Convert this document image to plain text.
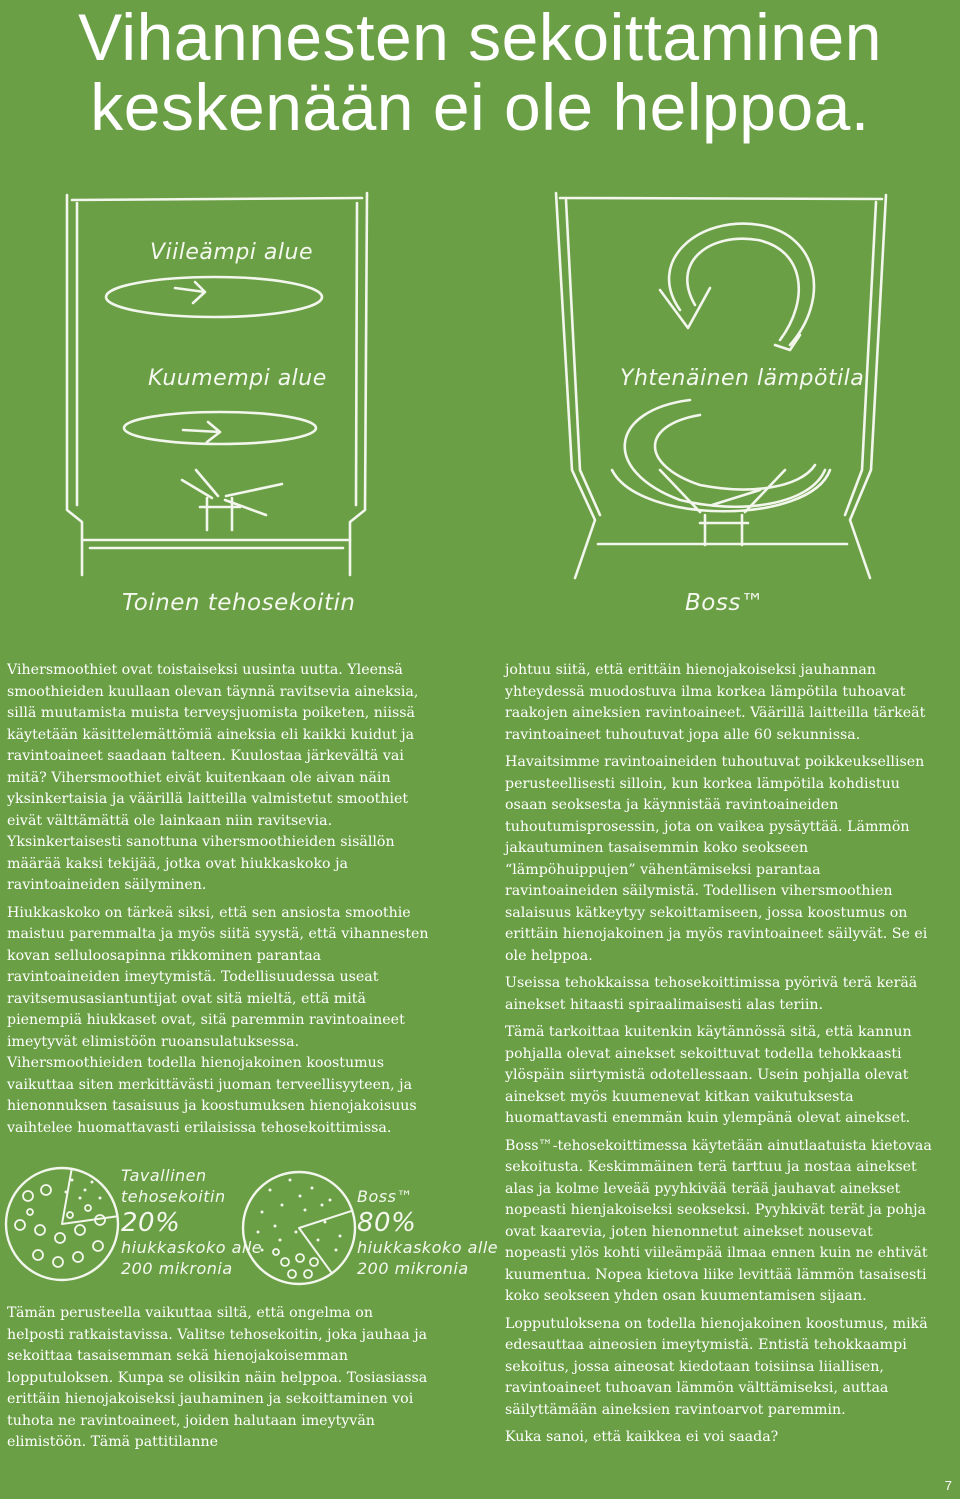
Vihannesten sekoittaminen
keskenään ei ole helppoa.
Viileämpi alue
Kuumempi alue
Toinen tehosekoitin
Yhtenäinen lämpötila
Boss™

Vihersmoothiet ovat toistaiseksi uusinta uutta. Yleensä smoothieiden kuullaan olevan täynnä ravitsevia aineksia, sillä muutamista muista terveysjuomista poiketen, niissä käytetään käsittelemättömiä aineksia eli kaikki kuidut ja ravintoaineet saadaan talteen. Kuulostaa järkevältä vai mitä? Vihersmoothiet eivät kuitenkaan ole aivan näin yksinkertaisia ja väärillä laitteilla valmistetut smoothiet eivät välttämättä ole lainkaan niin ravitsevia. Yksinkertaisesti sanottuna vihersmoothieiden sisällön määrää kaksi tekijää, jotka ovat hiukkaskoko ja ravintoaineiden säilyminen.

Hiukkaskoko on tärkeä siksi, että sen ansiosta smoothie maistuu paremmalta ja myös siitä syystä, että vihannesten kovan selluloosapinna rikkominen parantaa ravintoaineiden imeytymistä. Todellisuudessa useat ravitsemusasiantuntijat ovat sitä mieltä, että mitä pienempiä hiukkaset ovat, sitä paremmin ravintoaineet imeytyvät elimistöön ruoansulatuksessa. Vihersmoothieiden todella hienojakoinen koostumus vaikuttaa siten merkittävästi juoman terveellisyyteen, ja hienonnuksen tasaisuus ja koostumuksen hienojakoisuus vaihtelee huomattavasti erilaisissa tehosekoittimissa.

Tavallinen
tehosekoitin
20%
hiukkaskoko alle
200 mikronia
Boss™
80%
hiukkaskoko alle
200 mikronia

Tämän perusteella vaikuttaa siltä, että ongelma on helposti ratkaistavissa. Valitse tehosekoitin, joka jauhaa ja sekoittaa tasaisemman sekä hienojakoisemman lopputuloksen. Kunpa se olisikin näin helppoa. Tosiasiassa erittäin hienojakoiseksi jauhaminen ja sekoittaminen voi tuhota ne ravintoaineet, joiden halutaan imeytyvän elimistöön. Tämä pattitilanne

johtuu siitä, että erittäin hienojakoiseksi jauhannan yhteydessä muodostuva ilma korkea lämpötila tuhoavat raakojen aineksien ravintoaineet. Väärillä laitteilla tärkeät ravintoaineet tuhoutuvat jopa alle 60 sekunnissa.

Havaitsimme ravintoaineiden tuhoutuvat poikkeuksellisen perusteellisesti silloin, kun korkea lämpötila kohdistuu osaan seoksesta ja käynnistää ravintoaineiden tuhoutumisprosessin, jota on vaikea pysäyttää. Lämmön jakautuminen tasaisemmin koko seokseen “lämpöhuippujen” vähentämiseksi parantaa ravintoaineiden säilymistä. Todellisen vihersmoothien salaisuus kätkeytyy sekoittamiseen, jossa koostumus on erittäin hienojakoinen ja myös ravintoaineet säilyvät. Se ei ole helppoa.

Useissa tehokkaissa tehosekoittimissa pyörivä terä kerää ainekset hitaasti spiraalimaisesti alas teriin.

Tämä tarkoittaa kuitenkin käytännössä sitä, että kannun pohjalla olevat ainekset sekoittuvat todella tehokkaasti ylöspäin siirtymistä odotellessaan. Usein pohjalla olevat ainekset myös kuumenevat kitkan vaikutuksesta huomattavasti enemmän kuin ylempänä olevat ainekset.

Boss™-tehosekoittimessa käytetään ainutlaatuista kietovaa sekoitusta. Keskimmäinen terä tarttuu ja nostaa ainekset alas ja kolme leveää pyyhkivää terää jauhavat ainekset nopeasti hienjakoiseksi seokseksi. Pyyhkivät terät ja pohja ovat kaarevia, joten hienonnetut ainekset nousevat nopeasti ylös kohti viileämpää ilmaa ennen kuin ne ehtivät kuumentua. Nopea kietova liike levittää lämmön tasaisesti koko seokseen yhden osan kuumentamisen sijaan.

Lopputuloksena on todella hienojakoinen koostumus, mikä edesauttaa aineosien imeytymistä. Entistä tehokkaampi sekoitus, jossa aineosat kiedotaan toisiinsa liiallisen, ravintoaineet tuhoavan lämmön välttämiseksi, auttaa säilyttämään aineksien ravintoarvot paremmin.

Kuka sanoi, että kaikkea ei voi saada?

7
